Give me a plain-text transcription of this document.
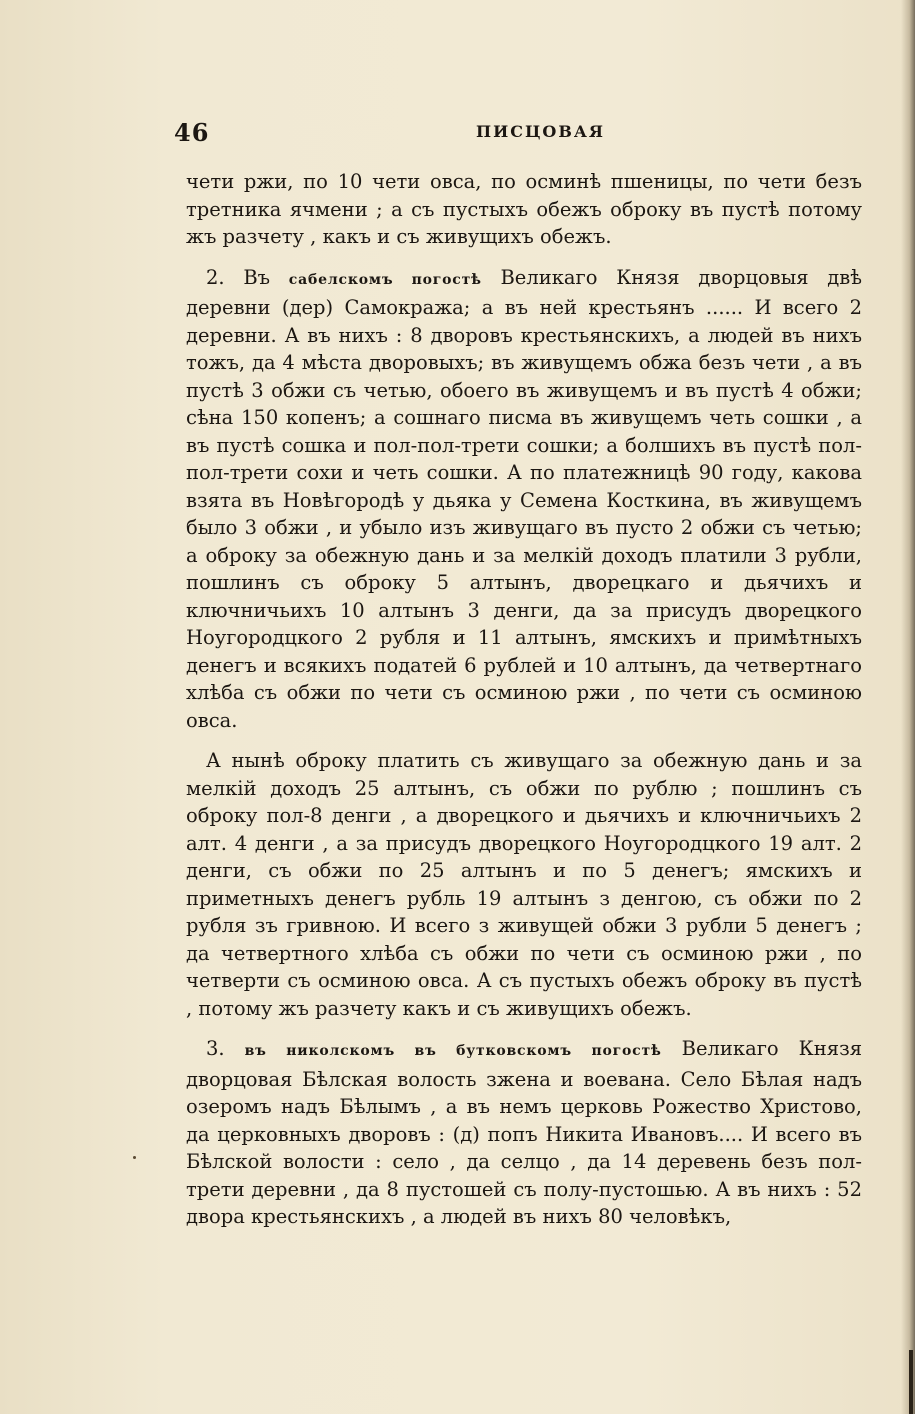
46	ПИСЦОВАЯ

чети ржи, по 10 чети овса, по осминѣ пшеницы, по чети безъ третника ячмени ; а съ пустыхъ обежъ оброку въ пустѣ потому жъ разчету , какъ и съ живущихъ обежъ.

2. Въ сабелскомъ погостѣ Великаго Князя дворцовыя двѣ деревни (дер) Самокража; а въ ней крестьянъ ...... И всего 2 деревни. А въ нихъ : 8 дворовъ крестьянскихъ, а людей въ нихъ тожъ, да 4 мѣста дворовыхъ; въ живущемъ обжа безъ чети , а въ пустѣ 3 обжи съ четью, обоего въ живущемъ и въ пустѣ 4 обжи; сѣна 150 копенъ; а сошнаго писма въ живущемъ четь сошки , а въ пустѣ сошка и пол-пол-трети сошки; а болшихъ въ пустѣ пол-пол-трети сохи и четь сошки. А по платежницѣ 90 году, какова взята въ Новѣгородѣ у дьяка у Семена Косткина, въ живущемъ было 3 обжи , и убыло изъ живущаго въ пусто 2 обжи съ четью; а оброку за обежную дань и за мелкій доходъ платили 3 рубли, пошлинъ съ оброку 5 алтынъ, дворецкаго и дьячихъ и ключничьихъ 10 алтынъ 3 денги, да за присудъ дворецкого Ноугородцкого 2 рубля и 11 алтынъ, ямскихъ и примѣтныхъ денегъ и всякихъ податей 6 рублей и 10 алтынъ, да четвертнаго хлѣба съ обжи по чети съ осминою ржи , по чети съ осминою овса.

А нынѣ оброку платить съ живущаго за обежную дань и за мелкій доходъ 25 алтынъ, съ обжи по рублю ; пошлинъ съ оброку пол-8 денги , а дворецкого и дьячихъ и ключничьихъ 2 алт. 4 денги , а за присудъ дворецкого Ноугородцкого 19 алт. 2 денги, съ обжи по 25 алтынъ и по 5 денегъ; ямскихъ и приметныхъ денегъ рубль 19 алтынъ з денгою, съ обжи по 2 рубля зъ гривною. И всего з живущей обжи 3 рубли 5 денегъ ; да четвертного хлѣба съ обжи по чети съ осминою ржи , по четверти съ осминою овса. А съ пустыхъ обежъ оброку въ пустѣ , потому жъ разчету какъ и съ живущихъ обежъ.

3. въ николскомъ въ бутковскомъ погостѣ Великаго Князя дворцовая Бѣлская волость зжена и воевана. Село Бѣлая надъ озеромъ надъ Бѣлымъ , а въ немъ церковь Рожество Христово, да церковныхъ дворовъ : (д) попъ Никита Ивановъ.... И всего въ Бѣлской волости : село , да селцо , да 14 деревень безъ пол-трети деревни , да 8 пустошей съ полу-пустошью. А въ нихъ : 52 двора крестьянскихъ , а людей въ нихъ 80 человѣкъ,
